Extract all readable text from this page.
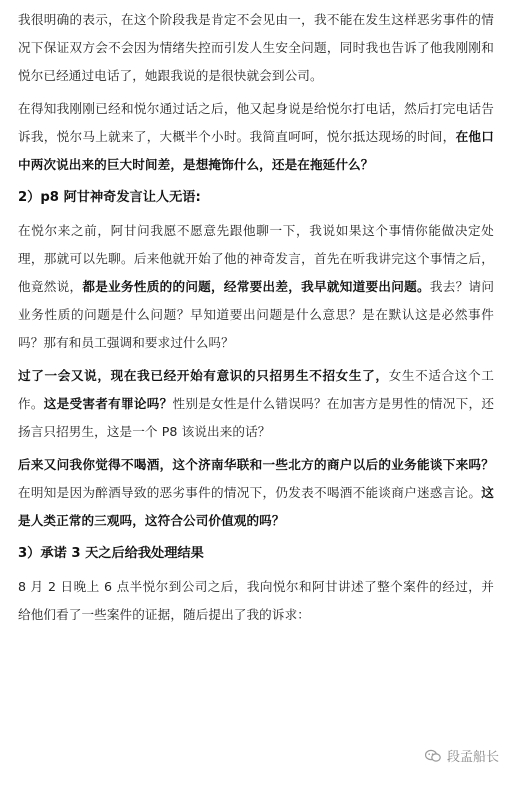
我很明确的表示，在这个阶段我是肯定不会见由一，我不能在发生这样恶劣事件的情况下保证双方会不会因为情绪失控而引发人生安全问题，同时我也告诉了他我刚刚和悦尔已经通过电话了，她跟我说的是很快就会到公司。
在得知我刚刚已经和悦尔通过话之后，他又起身说是给悦尔打电话，然后打完电话告诉我，悦尔马上就来了，大概半个小时。我简直呵呵，悦尔抵达现场的时间，在他口中两次说出来的巨大时间差，是想掩饰什么，还是在拖延什么？
2）p8 阿甘神奇发言让人无语:
在悦尔来之前，阿甘问我愿不愿意先跟他聊一下，我说如果这个事情你能做决定处理，那就可以先聊。后来他就开始了他的神奇发言，首先在听我讲完这个事情之后，他竟然说，都是业务性质的的问题，经常要出差，我早就知道要出问题。我去？请问业务性质的问题是什么问题？早知道要出问题是什么意思？是在默认这是必然事件吗？那有和员工强调和要求过什么吗？
过了一会又说，现在我已经开始有意识的只招男生不招女生了，女生不适合这个工作。这是受害者有罪论吗？性别是女性是什么错误吗？在加害方是男性的情况下，还扬言只招男生，这是一个 P8 该说出来的话？
后来又问我你觉得不喝酒，这个济南华联和一些北方的商户以后的业务能谈下来吗？在明知是因为醉酒导致的恶劣事件的情况下，仍发表不喝酒不能谈商户迷惑言论。这是人类正常的三观吗，这符合公司价值观的吗？
3）承诺 3 天之后给我处理结果
8 月 2 日晚上 6 点半悦尔到公司之后，我向悦尔和阿甘讲述了整个案件的经过，并给他们看了一些案件的证据，随后提出了我的诉求：
段孟船长
